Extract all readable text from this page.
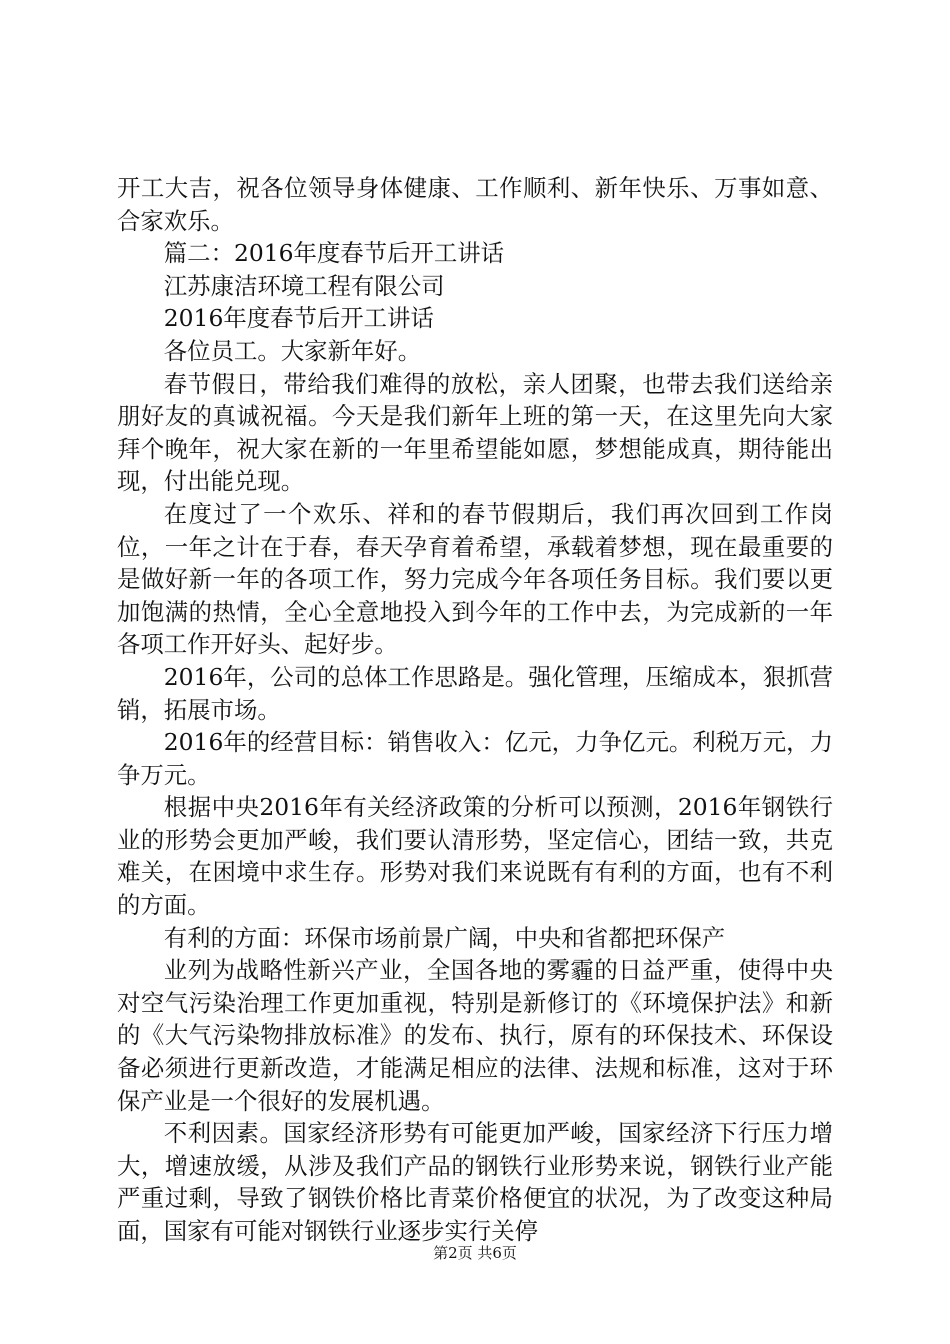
开工大吉，祝各位领导身体健康、工作顺利、新年快乐、万事如意、合家欢乐。

篇二：2016年度春节后开工讲话

江苏康洁环境工程有限公司

2016年度春节后开工讲话

各位员工。大家新年好。

春节假日，带给我们难得的放松，亲人团聚，也带去我们送给亲朋好友的真诚祝福。今天是我们新年上班的第一天，在这里先向大家拜个晚年，祝大家在新的一年里希望能如愿，梦想能成真，期待能出现，付出能兑现。

在度过了一个欢乐、祥和的春节假期后，我们再次回到工作岗位，一年之计在于春，春天孕育着希望，承载着梦想，现在最重要的是做好新一年的各项工作，努力完成今年各项任务目标。我们要以更加饱满的热情，全心全意地投入到今年的工作中去，为完成新的一年各项工作开好头、起好步。

2016年，公司的总体工作思路是。强化管理，压缩成本，狠抓营销，拓展市场。

2016年的经营目标：销售收入：亿元，力争亿元。利税万元，力争万元。

根据中央2016年有关经济政策的分析可以预测，2016年钢铁行业的形势会更加严峻，我们要认清形势，坚定信心，团结一致，共克难关，在困境中求生存。形势对我们来说既有有利的方面，也有不利的方面。

有利的方面：环保市场前景广阔，中央和省都把环保产

业列为战略性新兴产业，全国各地的雾霾的日益严重，使得中央对空气污染治理工作更加重视，特别是新修订的《环境保护法》和新的《大气污染物排放标准》的发布、执行，原有的环保技术、环保设备必须进行更新改造，才能满足相应的法律、法规和标准，这对于环保产业是一个很好的发展机遇。

不利因素。国家经济形势有可能更加严峻，国家经济下行压力增大，增速放缓，从涉及我们产品的钢铁行业形势来说，钢铁行业产能严重过剩，导致了钢铁价格比青菜价格便宜的状况，为了改变这种局面，国家有可能对钢铁行业逐步实行关停

第2页 共6页
